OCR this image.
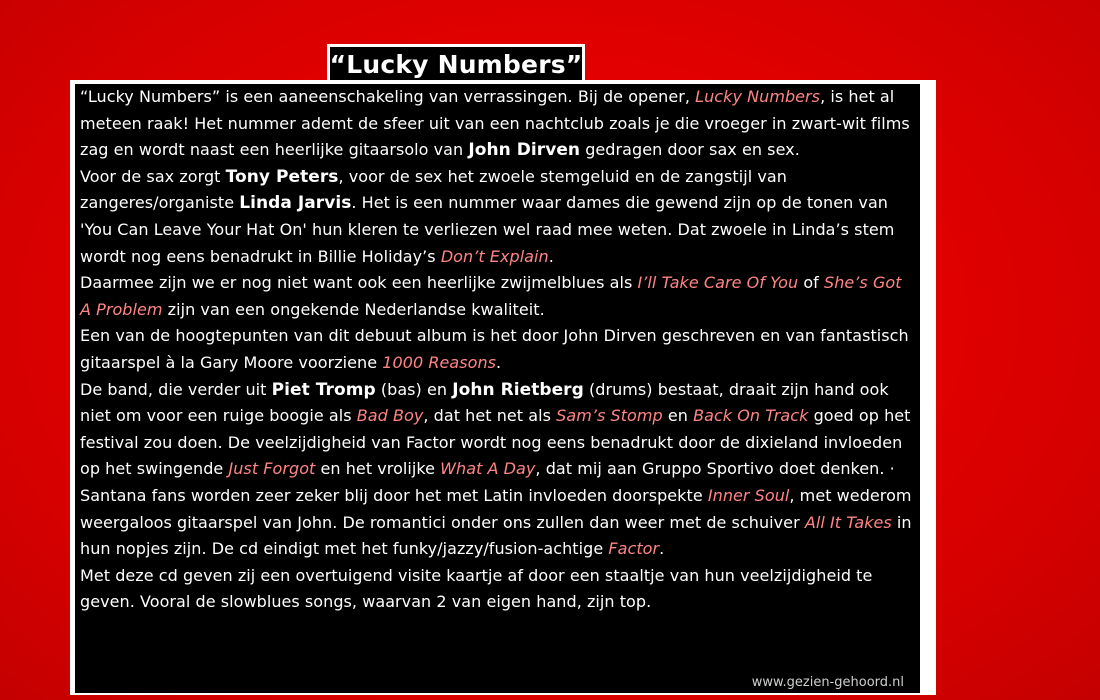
“Lucky Numbers”

“Lucky Numbers” is een aaneenschakeling van verrassingen. Bij de opener, Lucky Numbers, is het al meteen raak! Het nummer ademt de sfeer uit van een nachtclub zoals je die vroeger in zwart-wit films zag en wordt naast een heerlijke gitaarsolo van John Dirven gedragen door sax en sex.

Voor de sax zorgt Tony Peters, voor de sex het zwoele stemgeluid en de zangstijl van zangeres/organiste Linda Jarvis. Het is een nummer waar dames die gewend zijn op de tonen van 'You Can Leave Your Hat On' hun kleren te verliezen wel raad mee weten. Dat zwoele in Linda’s stem wordt nog eens benadrukt in Billie Holiday’s Don’t Explain.

Daarmee zijn we er nog niet want ook een heerlijke zwijmelblues als I’ll Take Care Of You of She’s Got A Problem zijn van een ongekende Nederlandse kwaliteit.

Een van de hoogtepunten van dit debuut album is het door John Dirven geschreven en van fantastisch gitaarspel à la Gary Moore voorziene 1000 Reasons.

De band, die verder uit Piet Tromp (bas) en John Rietberg (drums) bestaat, draait zijn hand ook niet om voor een ruige boogie als Bad Boy, dat het net als Sam’s Stomp en Back On Track goed op het festival zou doen. De veelzijdigheid van Factor wordt nog eens benadrukt door de dixieland invloeden op het swingende Just Forgot en het vrolijke What A Day, dat mij aan Gruppo Sportivo doet denken. ·

Santana fans worden zeer zeker blij door het met Latin invloeden doorspekte Inner Soul, met wederom weergaloos gitaarspel van John. De romantici onder ons zullen dan weer met de schuiver All It Takes in hun nopjes zijn. De cd eindigt met het funky/jazzy/fusion-achtige Factor.

Met deze cd geven zij een overtuigend visite kaartje af door een staaltje van hun veelzijdigheid te geven. Vooral de slowblues songs, waarvan 2 van eigen hand, zijn top.

www.gezien-gehoord.nl
